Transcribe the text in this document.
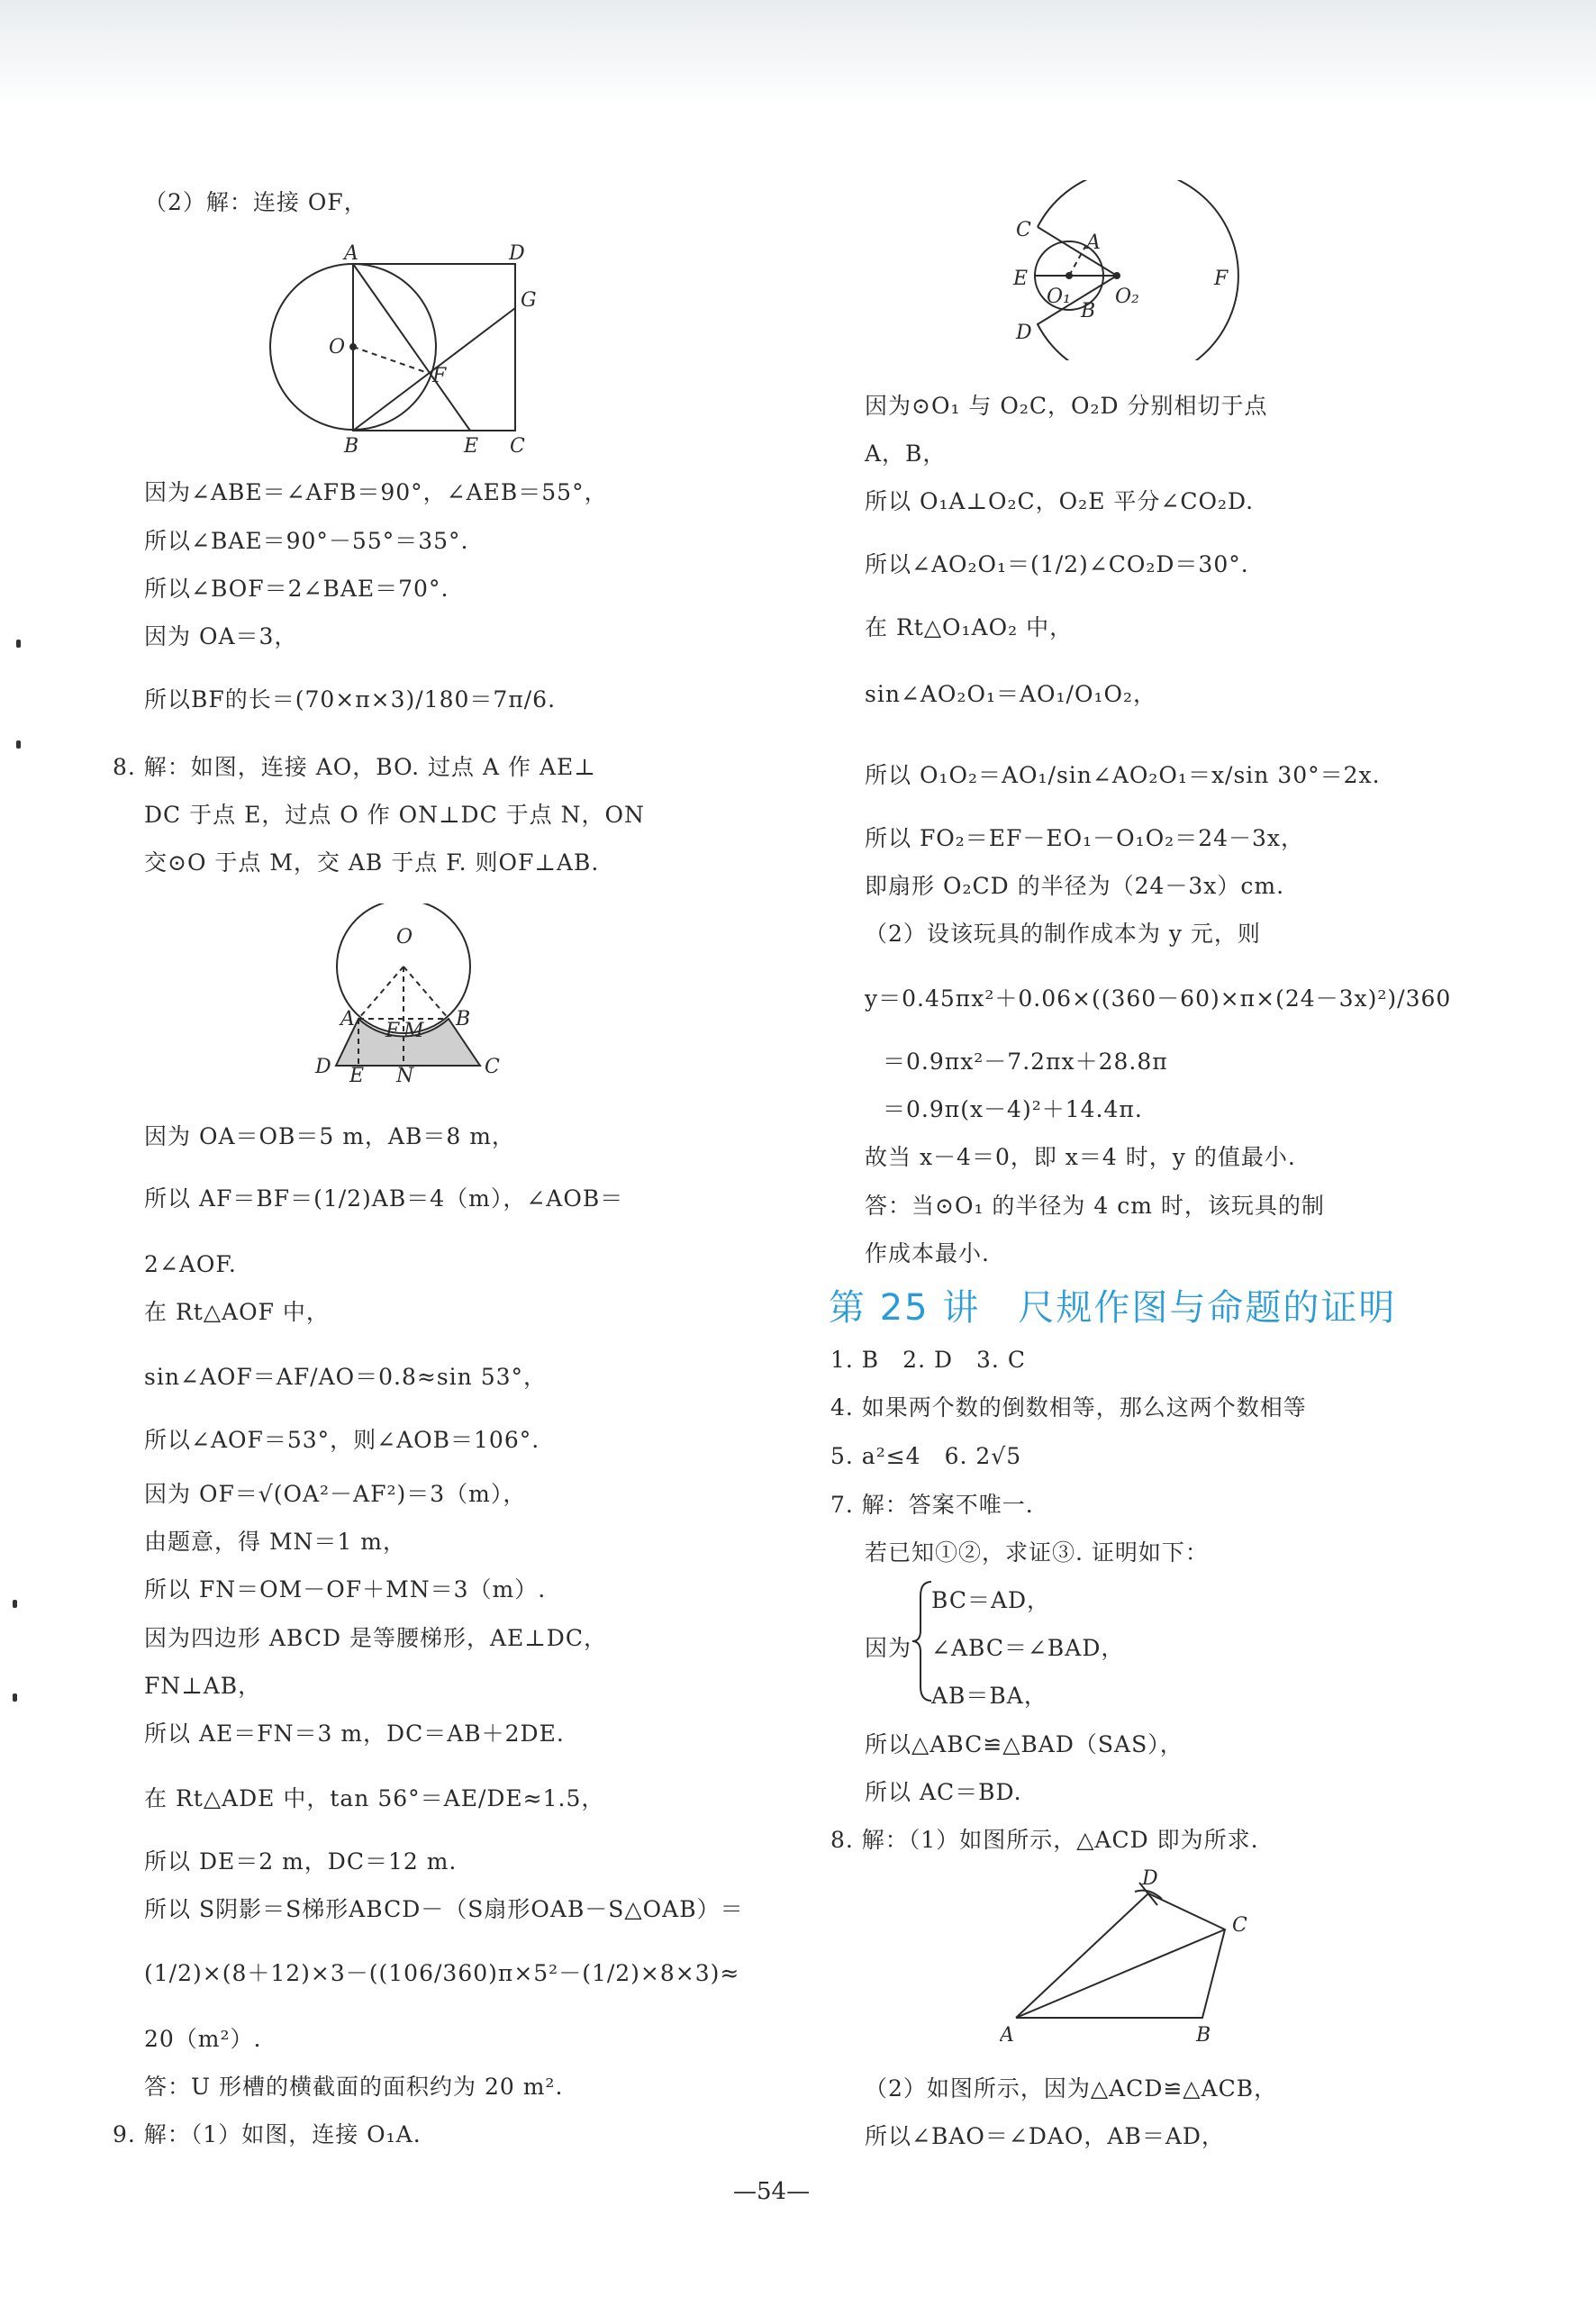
（2）解：连接 OF，
A	D
G
O
F
B	E C
因为∠ABE＝∠AFB＝90°，∠AEB＝55°，
所以∠BAE＝90°－55°＝35°.
所以∠BOF＝2∠BAE＝70°.
因为 OA＝3，
所以BF的长＝(70×π×3)/180＝7π/6.
8. 解：如图，连接 AO，BO. 过点 A 作 AE⊥
DC 于点 E，过点 O 作 ON⊥DC 于点 N，ON
交⊙O 于点 M，交 AB 于点 F. 则OF⊥AB.
O
A	B
F M
D E N	C
因为 OA＝OB＝5 m，AB＝8 m，
所以 AF＝BF＝(1/2)AB＝4（m），∠AOB＝
2∠AOF.
在 Rt△AOF 中，
sin∠AOF＝AF/AO＝0.8≈sin 53°，
所以∠AOF＝53°，则∠AOB＝106°.
因为 OF＝√(OA²－AF²)＝3（m），
由题意，得 MN＝1 m，
所以 FN＝OM－OF＋MN＝3（m）.
因为四边形 ABCD 是等腰梯形，AE⊥DC，
FN⊥AB，
所以 AE＝FN＝3 m，DC＝AB＋2DE.
在 Rt△ADE 中，tan 56°＝AE/DE≈1.5，
所以 DE＝2 m，DC＝12 m.
所以 S阴影＝S梯形ABCD－（S扇形OAB－S△OAB）＝
(1/2)×(8＋12)×3－((106/360)π×5²－(1/2)×8×3)≈
20（m²）.
答：U 形槽的横截面的面积约为 20 m².
9. 解：（1）如图，连接 O₁A.
C
A
E
O₁ O₂
F
B
D
因为⊙O₁ 与 O₂C，O₂D 分别相切于点
A，B，
所以 O₁A⊥O₂C，O₂E 平分∠CO₂D.
所以∠AO₂O₁＝(1/2)∠CO₂D＝30°.
在 Rt△O₁AO₂ 中，
sin∠AO₂O₁＝AO₁/O₁O₂，
所以 O₁O₂＝AO₁/sin∠AO₂O₁＝x/sin 30°＝2x.
所以 FO₂＝EF－EO₁－O₁O₂＝24－3x，
即扇形 O₂CD 的半径为（24－3x）cm.
（2）设该玩具的制作成本为 y 元，则
y＝0.45πx²＋0.06×((360－60)×π×(24－3x)²)/360
＝0.9πx²－7.2πx＋28.8π
＝0.9π(x－4)²＋14.4π.
故当 x－4＝0，即 x＝4 时，y 的值最小.
答：当⊙O₁ 的半径为 4 cm 时，该玩具的制
作成本最小.
第 25 讲　尺规作图与命题的证明
1. B　2. D　3. C
4. 如果两个数的倒数相等，那么这两个数相等
5. a²≤4　6. 2√5
7. 解：答案不唯一.
若已知①②，求证③. 证明如下：
BC＝AD，
因为 ∠ABC＝∠BAD，
AB＝BA，
所以△ABC≌△BAD（SAS），
所以 AC＝BD.
8. 解：（1）如图所示，△ACD 即为所求.
D
C
A	B
（2）如图所示，因为△ACD≌△ACB，
所以∠BAO＝∠DAO，AB＝AD，
—54—
